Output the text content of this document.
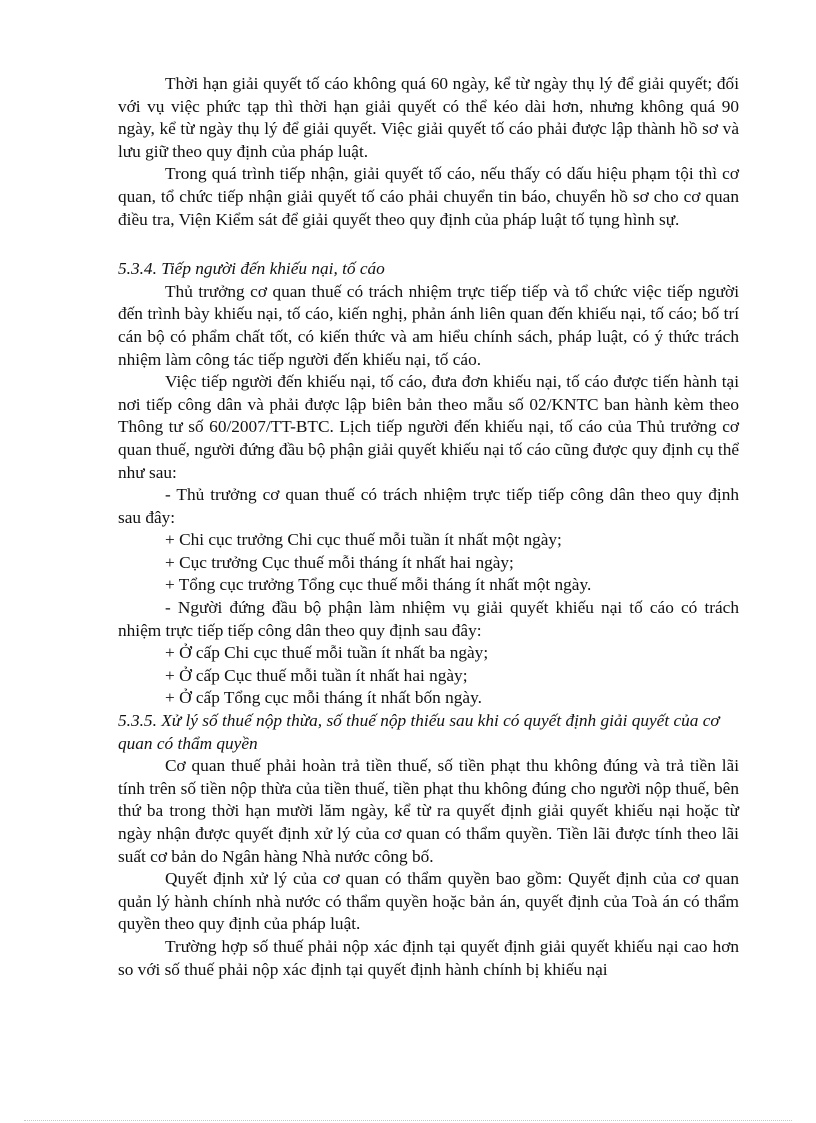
Thời hạn giải quyết tố cáo không quá 60 ngày, kể từ ngày thụ lý để giải quyết; đối với vụ việc phức tạp thì thời hạn giải quyết có thể kéo dài hơn, nhưng không quá 90 ngày, kể từ ngày thụ lý để giải quyết. Việc giải quyết tố cáo phải được lập thành hồ sơ và lưu giữ theo quy định của pháp luật.

Trong quá trình tiếp nhận, giải quyết tố cáo, nếu thấy có dấu hiệu phạm tội thì cơ quan, tổ chức tiếp nhận giải quyết tố cáo phải chuyển tin báo, chuyển hồ sơ cho cơ quan điều tra, Viện Kiểm sát để giải quyết theo quy định của pháp luật tố tụng hình sự.

5.3.4. Tiếp người đến khiếu nại, tố cáo

Thủ trưởng cơ quan thuế có trách nhiệm trực tiếp tiếp và tổ chức việc tiếp người đến trình bày khiếu nại, tố cáo, kiến nghị, phản ánh liên quan đến khiếu nại, tố cáo; bố trí cán bộ có phẩm chất tốt, có kiến thức và am hiểu chính sách, pháp luật, có ý thức trách nhiệm làm công tác tiếp người đến khiếu nại, tố cáo.

Việc tiếp người đến khiếu nại, tố cáo, đưa đơn khiếu nại, tố cáo được tiến hành tại nơi tiếp công dân và phải được lập biên bản theo mẫu số 02/KNTC ban hành kèm theo Thông tư số 60/2007/TT-BTC. Lịch tiếp người đến khiếu nại, tố cáo của Thủ trưởng cơ quan thuế, người đứng đầu bộ phận giải quyết khiếu nại tố cáo cũng được quy định cụ thể như sau:

- Thủ trưởng cơ quan thuế có trách nhiệm trực tiếp tiếp công dân theo quy định sau đây:

+ Chi cục trưởng Chi cục thuế mỗi tuần ít nhất một ngày;

+ Cục trưởng Cục thuế mỗi tháng ít nhất hai ngày;

+ Tổng cục trưởng Tổng cục thuế mỗi tháng ít nhất một ngày.

- Người đứng đầu bộ phận làm nhiệm vụ giải quyết khiếu nại tố cáo có trách nhiệm trực tiếp tiếp công dân theo quy định sau đây:

+ Ở cấp Chi cục thuế mỗi tuần ít nhất ba ngày;

+ Ở cấp Cục thuế mỗi tuần ít nhất hai ngày;

+ Ở cấp Tổng cục mỗi tháng ít nhất bốn ngày.

5.3.5. Xử lý số thuế nộp thừa, số thuế nộp thiếu sau khi có quyết định giải quyết của cơ quan có thẩm quyền

Cơ quan thuế phải hoàn trả tiền thuế, số tiền phạt thu không đúng và trả tiền lãi tính trên số tiền nộp thừa của tiền thuế, tiền phạt thu không đúng cho người nộp thuế, bên thứ ba trong thời hạn mười lăm ngày, kể từ ra quyết định giải quyết khiếu nại hoặc từ ngày nhận được quyết định xử lý của cơ quan có thẩm quyền. Tiền lãi được tính theo lãi suất cơ bản do Ngân hàng Nhà nước công bố.

Quyết định xử lý của cơ quan có thẩm quyền bao gồm: Quyết định của cơ quan quản lý hành chính nhà nước có thẩm quyền hoặc bản án, quyết định của Toà án có thẩm quyền theo quy định của pháp luật.

Trường hợp số thuế phải nộp xác định tại quyết định giải quyết khiếu nại cao hơn so với số thuế phải nộp xác định tại quyết định hành chính bị khiếu nại
